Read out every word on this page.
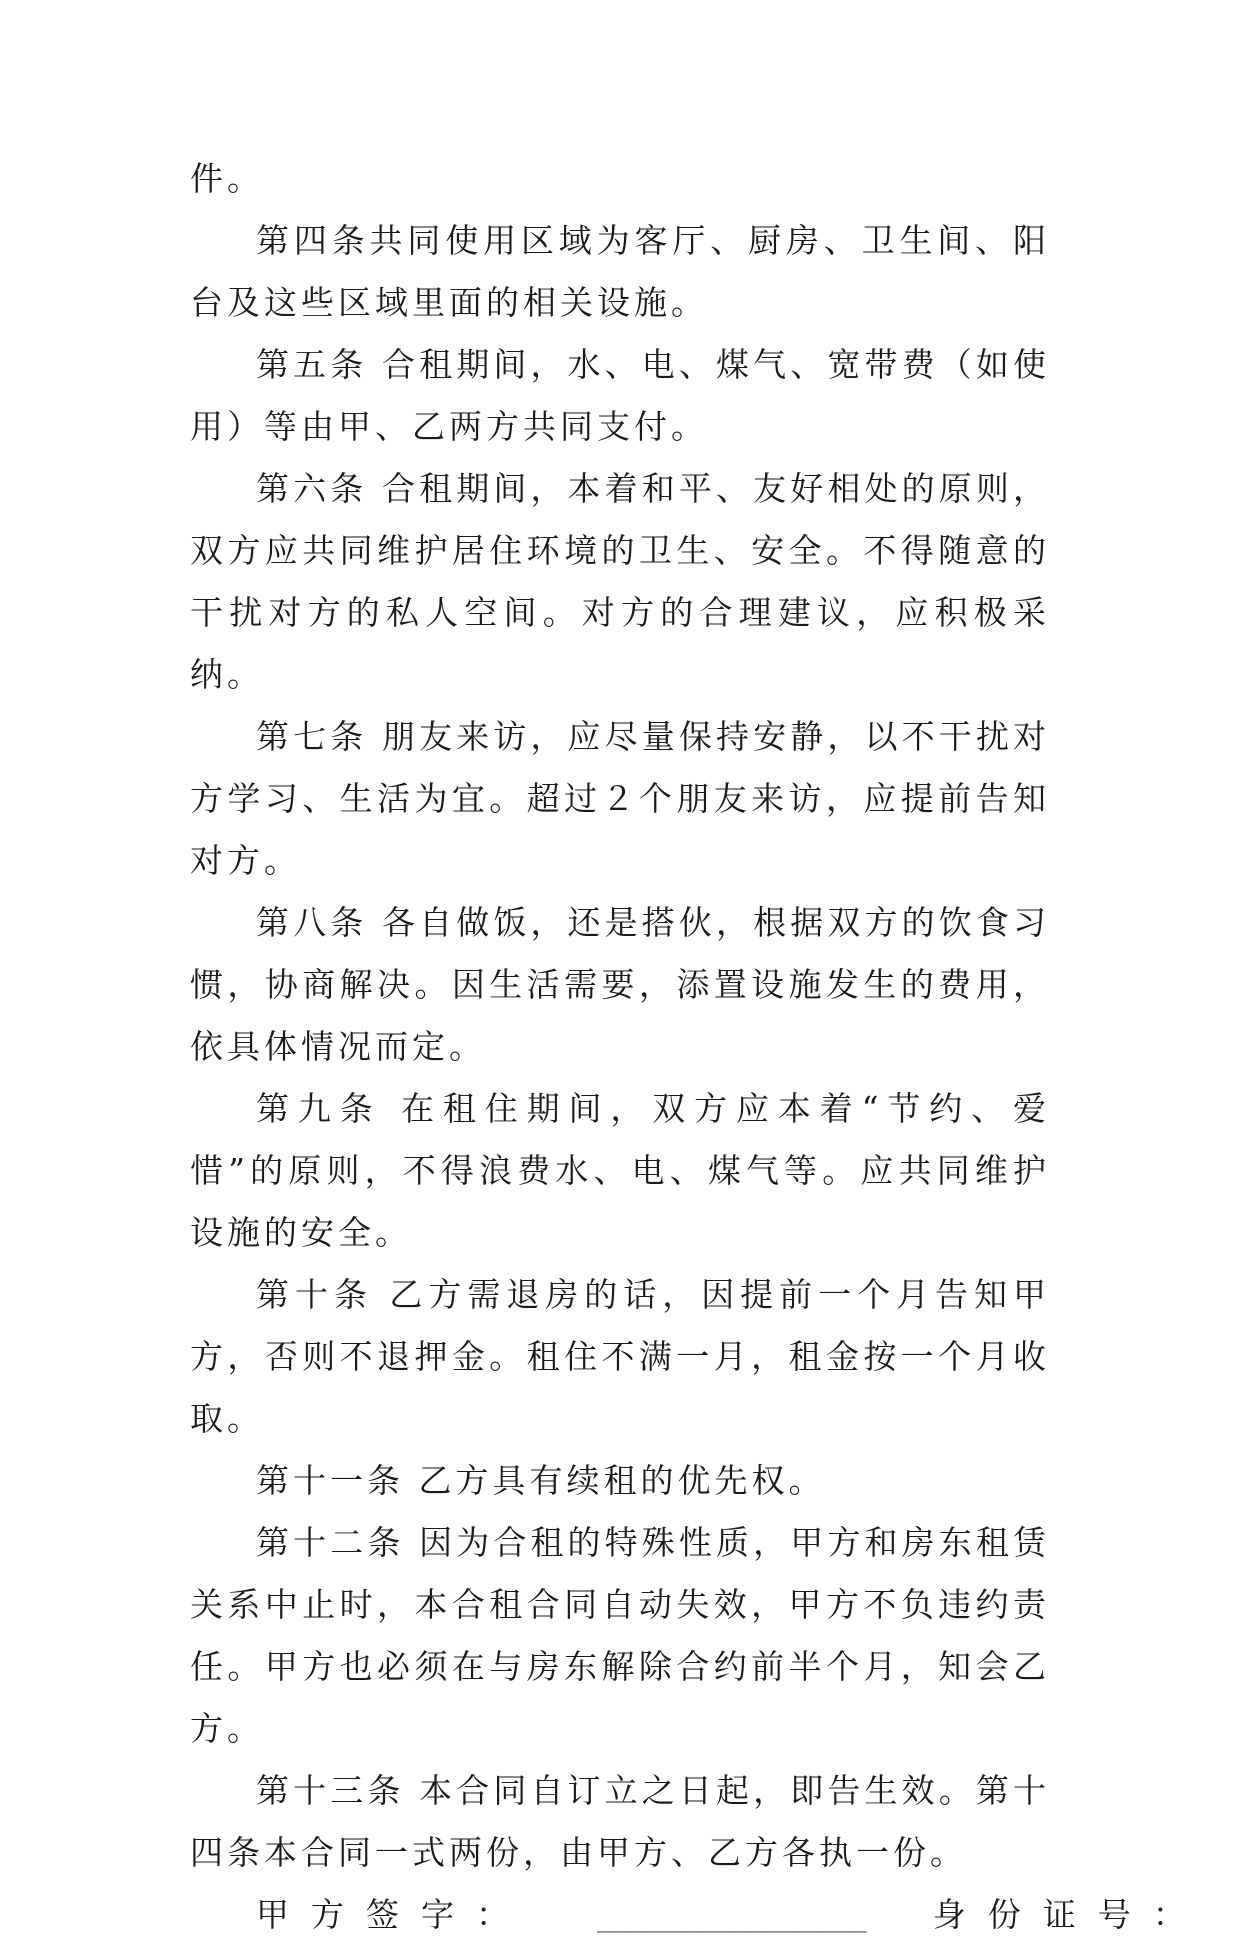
件。

第四条共同使用区域为客厅、厨房、卫生间、阳台及这些区域里面的相关设施。

第五条 合租期间，水、电、煤气、宽带费（如使用）等由甲、乙两方共同支付。

第六条 合租期间，本着和平、友好相处的原则，双方应共同维护居住环境的卫生、安全。不得随意的干扰对方的私人空间。对方的合理建议，应积极采纳。

第七条 朋友来访，应尽量保持安静，以不干扰对方学习、生活为宜。超过２个朋友来访，应提前告知对方。

第八条 各自做饭，还是搭伙，根据双方的饮食习惯，协商解决。因生活需要，添置设施发生的费用，依具体情况而定。

第九条 在租住期间，双方应本着“节约、爱惜”的原则，不得浪费水、电、煤气等。应共同维护设施的安全。

第十条 乙方需退房的话，因提前一个月告知甲方，否则不退押金。租住不满一月，租金按一个月收取。

第十一条 乙方具有续租的优先权。

第十二条 因为合租的特殊性质，甲方和房东租赁关系中止时，本合租合同自动失效，甲方不负违约责任。甲方也必须在与房东解除合约前半个月，知会乙方。

第十三条 本合同自订立之日起，即告生效。第十四条本合同一式两份，由甲方、乙方各执一份。

甲方签字：	________________	身份证号：
